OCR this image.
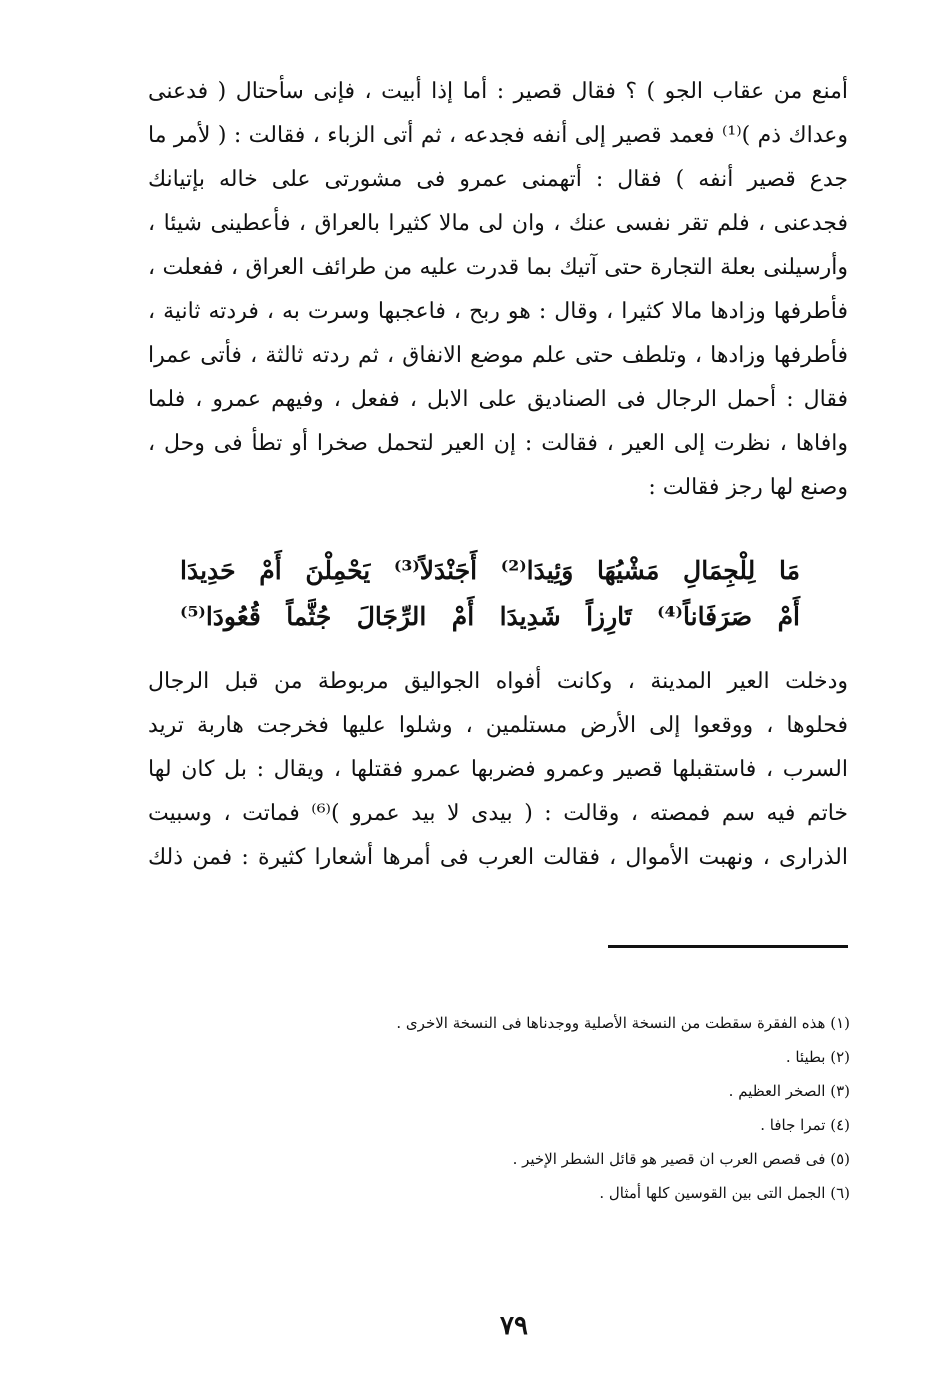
أمنع من عقاب الجو ) ؟ فقال قصير : أما إذا أبيت ، فإنى سأحتال ( فدعنى
وعداك ذم )⁽¹⁾ فعمد قصير إلى أنفه فجدعه ، ثم أتى الزباء ، فقالت : ( لأمر ما
جدع قصير أنفه ) فقال : أتهمنى عمرو فى مشورتى على خاله بإتيانك
فجدعنى ، فلم تقر نفسى عنك ، وان لى مالا كثيرا بالعراق ، فأعطينى شيئا ،
وأرسيلنى بعلة التجارة حتى آتيك بما قدرت عليه من طرائف العراق ، ففعلت ،
فأطرفها وزادها مالا كثيرا ، وقال : هو ربح ، فاعجبها وسرت به ، فردته ثانية ،
فأطرفها وزادها ، وتلطف حتى علم موضع الانفاق ، ثم ردته ثالثة ، فأتى عمرا
فقال : أحمل الرجال فى الصناديق على الابل ، ففعل ، وفيهم عمرو ، فلما
وافاها ، نظرت إلى العير ، فقالت : إن العير لتحمل صخرا أو تطأ فى وحل ،
وصنع لها رجز فقالت :
مَا لِلْجِمَالِ مَشْيُهَا وَئِيدَا⁽²⁾ أَجَنْدَلاً⁽³⁾ يَحْمِلْنَ أَمْ حَدِيدَا
أَمْ صَرَفَاناً⁽⁴⁾ تَارِزاً شَدِيدَا أَمْ الرِّجَالَ جُثَّماً قُعُودَا⁽⁵⁾
ودخلت العير المدينة ، وكانت أفواه الجواليق مربوطة من قبل الرجال
فحلوها ، ووقعوا إلى الأرض مستلمين ، وشلوا عليها فخرجت هاربة تريد
السرب ، فاستقبلها قصير وعمرو فضربها عمرو فقتلها ، ويقال : بل كان لها
خاتم فيه سم فمصته ، وقالت : ( بيدى لا بيد عمرو )⁽⁶⁾ فماتت ، وسبيت
الذرارى ، ونهبت الأموال ، فقالت العرب فى أمرها أشعارا كثيرة : فمن ذلك
(١) هذه الفقرة سقطت من النسخة الأصلية ووجدناها فى النسخة الاخرى .
(٢) بطيئا .
(٣) الصخر العظيم .
(٤) تمرا جافا .
(٥) فى قصص العرب ان قصير هو قائل الشطر الإخير .
(٦) الجمل التى بين القوسين كلها أمثال .
٧٩
